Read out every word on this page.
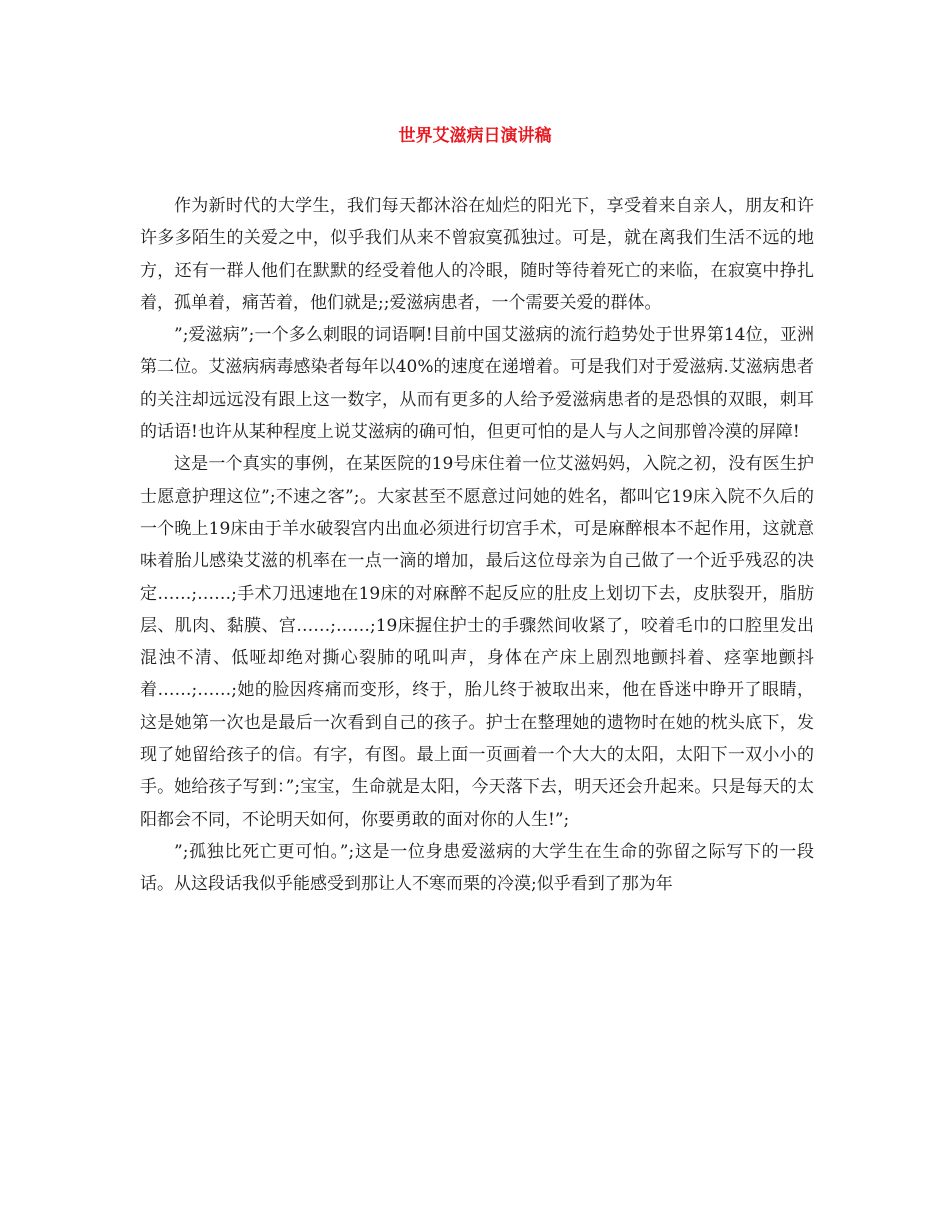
世界艾滋病日演讲稿

作为新时代的大学生，我们每天都沐浴在灿烂的阳光下，享受着来自亲人，朋友和许许多多陌生的关爱之中，似乎我们从来不曾寂寞孤独过。可是，就在离我们生活不远的地方，还有一群人他们在默默的经受着他人的冷眼，随时等待着死亡的来临，在寂寞中挣扎着，孤单着，痛苦着，他们就是;;爱滋病患者，一个需要关爱的群体。

”;爱滋病”;一个多么刺眼的词语啊!目前中国艾滋病的流行趋势处于世界第14位，亚洲第二位。艾滋病病毒感染者每年以40%的速度在递增着。可是我们对于爱滋病.艾滋病患者的关注却远远没有跟上这一数字，从而有更多的人给予爱滋病患者的是恐惧的双眼，刺耳的话语!也许从某种程度上说艾滋病的确可怕，但更可怕的是人与人之间那曾冷漠的屏障!

这是一个真实的事例，在某医院的19号床住着一位艾滋妈妈，入院之初，没有医生护士愿意护理这位”;不速之客”;。大家甚至不愿意过问她的姓名，都叫它19床入院不久后的一个晚上19床由于羊水破裂宫内出血必须进行切宫手术，可是麻醉根本不起作用，这就意味着胎儿感染艾滋的机率在一点一滴的增加，最后这位母亲为自己做了一个近乎残忍的决定……;……;手术刀迅速地在19床的对麻醉不起反应的肚皮上划切下去，皮肤裂开，脂肪层、肌肉、黏膜、宫……;……;19床握住护士的手骤然间收紧了，咬着毛巾的口腔里发出混浊不清、低哑却绝对撕心裂肺的吼叫声，身体在产床上剧烈地颤抖着、痉挛地颤抖着……;……;她的脸因疼痛而变形，终于，胎儿终于被取出来，他在昏迷中睁开了眼睛，这是她第一次也是最后一次看到自己的孩子。护士在整理她的遗物时在她的枕头底下，发现了她留给孩子的信。有字，有图。最上面一页画着一个大大的太阳，太阳下一双小小的手。她给孩子写到：”;宝宝，生命就是太阳，今天落下去，明天还会升起来。只是每天的太阳都会不同，不论明天如何，你要勇敢的面对你的人生!”;

”;孤独比死亡更可怕。”;这是一位身患爱滋病的大学生在生命的弥留之际写下的一段话。从这段话我似乎能感受到那让人不寒而栗的冷漠;似乎看到了那为年
